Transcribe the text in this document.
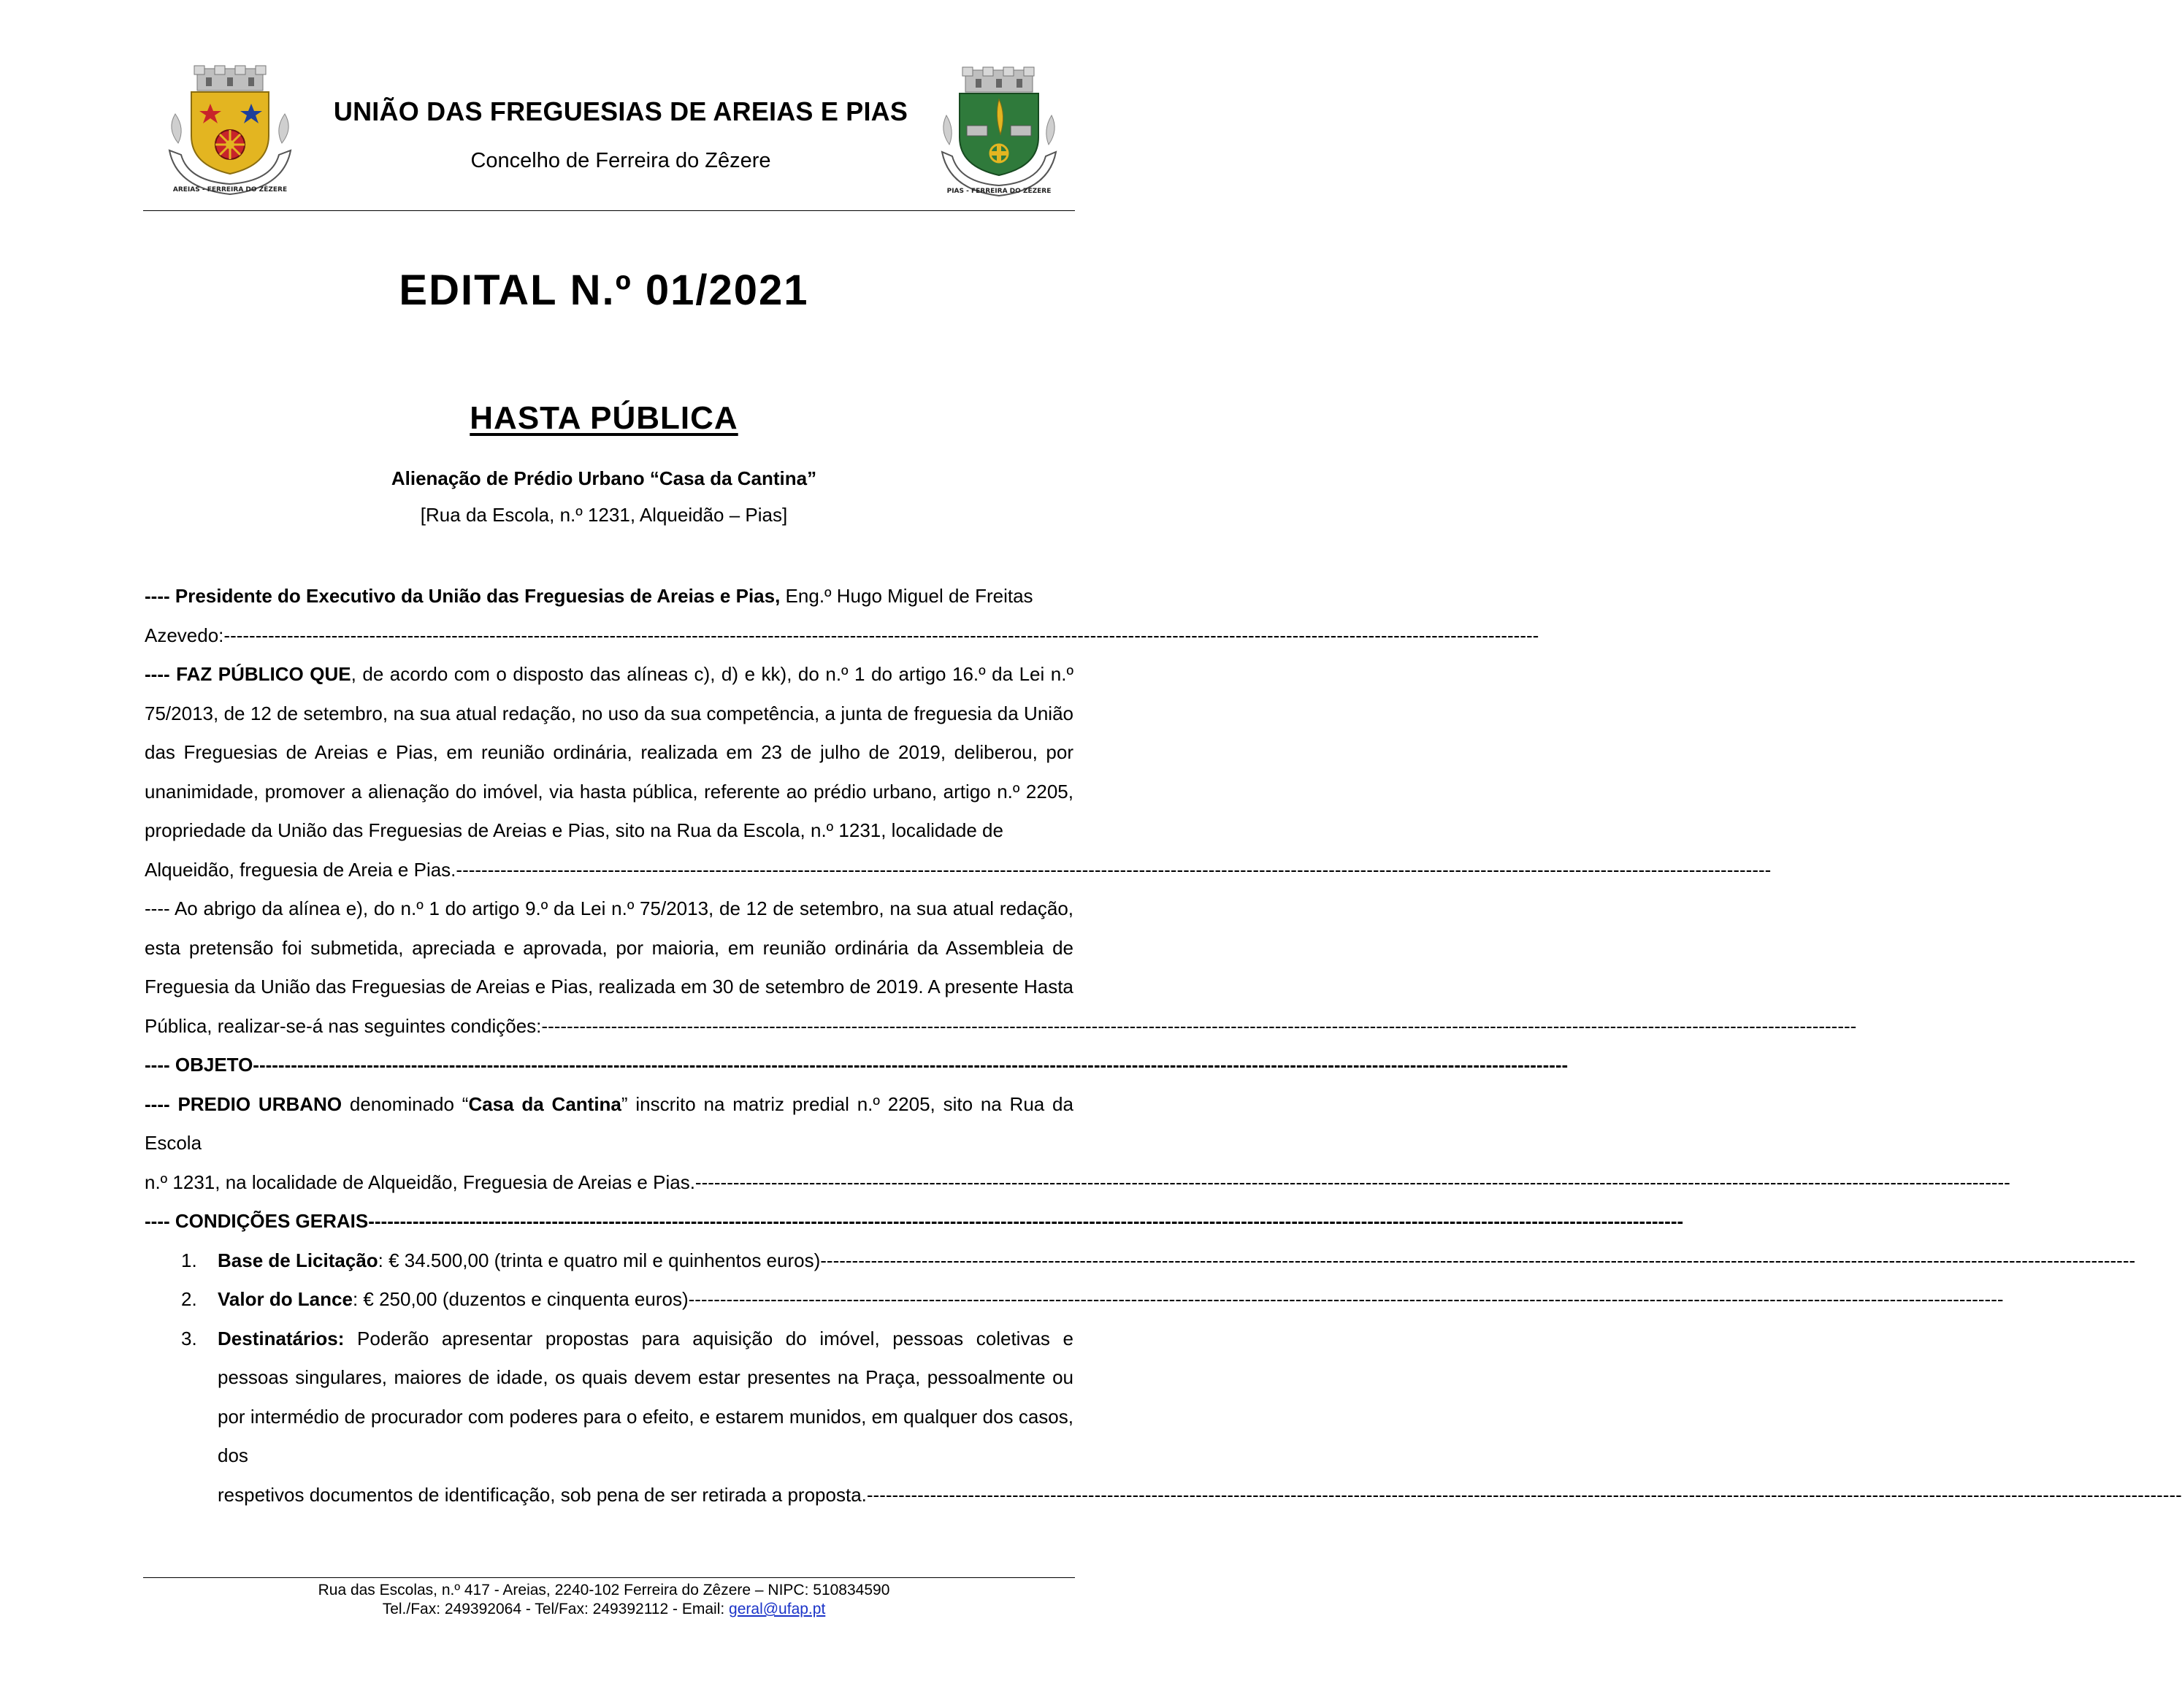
AREIAS - FERREIRA DO ZÊZERE
UNIÃO DAS FREGUESIAS DE AREIAS E PIAS
Concelho de Ferreira do Zêzere
PIAS - FERREIRA DO ZÊZERE
EDITAL N.º 01/2021
HASTA PÚBLICA
Alienação de Prédio Urbano “Casa da Cantina”
[Rua da Escola, n.º 1231, Alqueidão – Pias]

---- Presidente do Executivo da União das Freguesias de Areias e Pias, Eng.º Hugo Miguel de Freitas

Azevedo: ----------------------------------------------------------------------------------------------------------------------------------------------------------------------------------------------------------------

---- FAZ PÚBLICO QUE, de acordo com o disposto das alíneas c), d) e kk), do n.º 1 do artigo 16.º da Lei n.º 75/2013, de 12 de setembro, na sua atual redação, no uso da sua competência, a junta de freguesia da União das Freguesias de Areias e Pias, em reunião ordinária, realizada em 23 de julho de 2019, deliberou, por unanimidade, promover a alienação do imóvel, via hasta pública, referente ao prédio urbano, artigo n.º 2205, propriedade da União das Freguesias de Areias e Pias, sito na Rua da Escola, n.º 1231, localidade de

Alqueidão, freguesia de Areia e Pias. ----------------------------------------------------------------------------------------------------------------------------------------------------------------------------------------------------------------

---- Ao abrigo da alínea e), do n.º 1 do artigo 9.º da Lei n.º 75/2013, de 12 de setembro, na sua atual redação, esta pretensão foi submetida, apreciada e aprovada, por maioria, em reunião ordinária da Assembleia de Freguesia da União das Freguesias de Areias e Pias, realizada em 30 de setembro de 2019. A presente Hasta

Pública, realizar-se-á nas seguintes condições: ----------------------------------------------------------------------------------------------------------------------------------------------------------------------------------------------------------------
---- OBJETO ----------------------------------------------------------------------------------------------------------------------------------------------------------------------------------------------------------------

---- PREDIO URBANO denominado “Casa da Cantina” inscrito na matriz predial n.º 2205, sito na Rua da Escola

n.º 1231, na localidade de Alqueidão, Freguesia de Areias e Pias. ----------------------------------------------------------------------------------------------------------------------------------------------------------------------------------------------------------------
---- CONDIÇÕES GERAIS ----------------------------------------------------------------------------------------------------------------------------------------------------------------------------------------------------------------
1. Base de Licitação : € 34.500,00 (trinta e quatro mil e quinhentos euros) ----------------------------------------------------------------------------------------------------------------------------------------------------------------------------------------------------------------
2. Valor do Lance : € 250,00 (duzentos e cinquenta euros) ----------------------------------------------------------------------------------------------------------------------------------------------------------------------------------------------------------------
3. Destinatários: Poderão apresentar propostas para aquisição do imóvel, pessoas coletivas e pessoas singulares, maiores de idade, os quais devem estar presentes na Praça, pessoalmente ou por intermédio de procurador com poderes para o efeito, e estarem munidos, em qualquer dos casos, dos

respetivos documentos de identificação, sob pena de ser retirada a proposta. ----------------------------------------------------------------------------------------------------------------------------------------------------------------------------------------------------------------
Rua das Escolas, n.º 417 - Areias, 2240-102 Ferreira do Zêzere – NIPC: 510834590
Tel./Fax: 249392064 - Tel/Fax: 249392112 - Email: geral@ufap.pt
